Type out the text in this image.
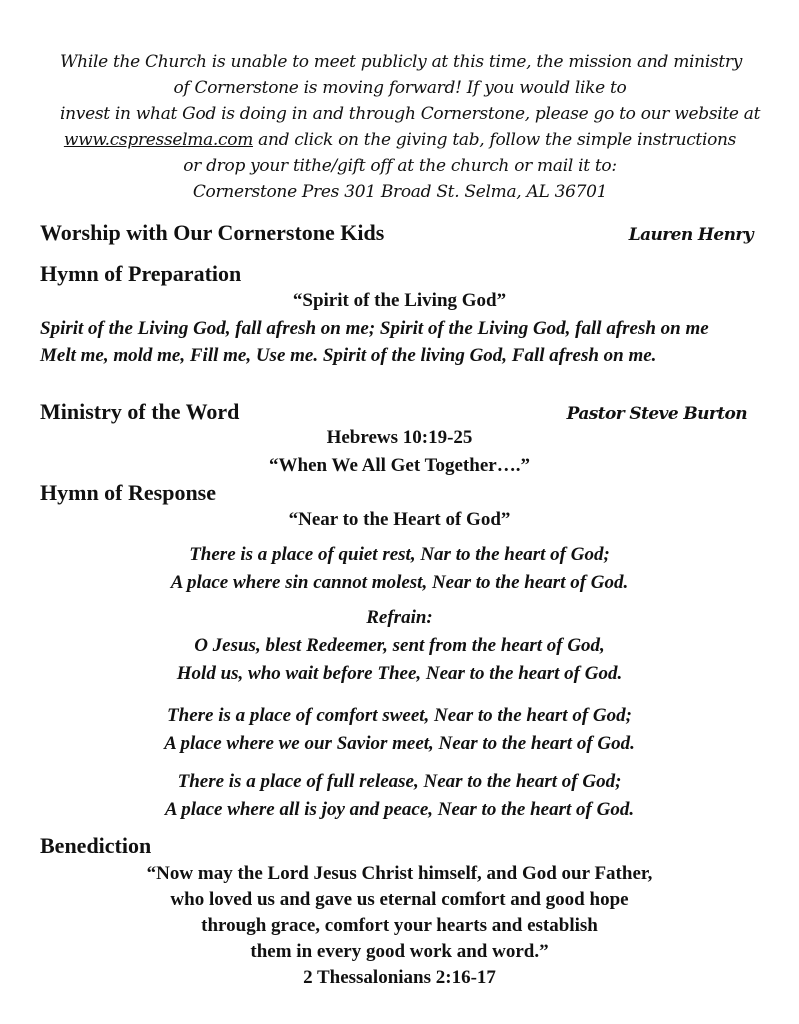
While the Church is unable to meet publicly at this time, the mission and ministry
of Cornerstone is moving forward! If you would like to
invest in what God is doing in and through Cornerstone, please go to our website at
www.cspresselma.com and click on the giving tab, follow the simple instructions
or drop your tithe/gift off at the church or mail it to:
Cornerstone Pres 301 Broad St. Selma, AL 36701
Worship with Our Cornerstone Kids	Lauren Henry
Hymn of Preparation
“Spirit of the Living God”
Spirit of the Living God, fall afresh on me; Spirit of the Living God, fall afresh on me
Melt me, mold me, Fill me, Use me. Spirit of the living God, Fall afresh on me.
Ministry of the Word	Pastor Steve Burton
Hebrews 10:19-25
“When We All Get Together….”
Hymn of Response
“Near to the Heart of God”
There is a place of quiet rest, Nar to the heart of God;
A place where sin cannot molest, Near to the heart of God.
Refrain:
O Jesus, blest Redeemer, sent from the heart of God,
Hold us, who wait before Thee, Near to the heart of God.
There is a place of comfort sweet, Near to the heart of God;
A place where we our Savior meet, Near to the heart of God.
There is a place of full release, Near to the heart of God;
A place where all is joy and peace, Near to the heart of God.
Benediction
“Now may the Lord Jesus Christ himself, and God our Father,
who loved us and gave us eternal comfort and good hope
through grace, comfort your hearts and establish
them in every good work and word.”
2 Thessalonians 2:16-17
